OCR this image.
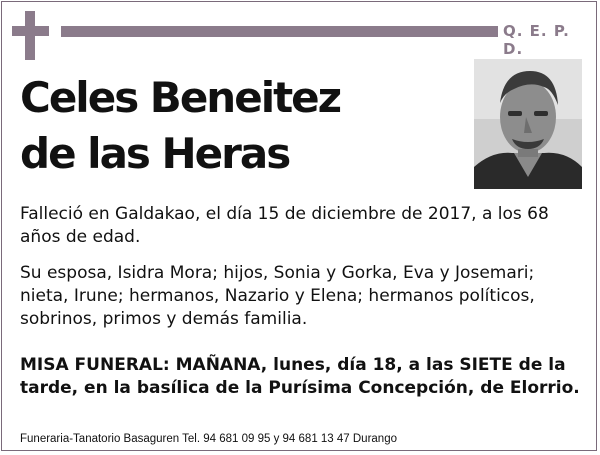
Q. E. P. D.
Celes Beneitez
de las Heras

Falleció en Galdakao, el día 15 de diciembre de 2017, a los 68 años de edad.

Su esposa, Isidra Mora; hijos, Sonia y Gorka, Eva y Josemari; nieta, Irune; hermanos, Nazario y Elena; hermanos políticos, sobrinos, primos y demás familia.

MISA FUNERAL: MAÑANA, lunes, día 18, a las SIETE de la tarde, en la basílica de la Purísima Concepción, de Elorrio.

Funeraria-Tanatorio Basaguren Tel. 94 681 09 95 y 94 681 13 47 Durango
